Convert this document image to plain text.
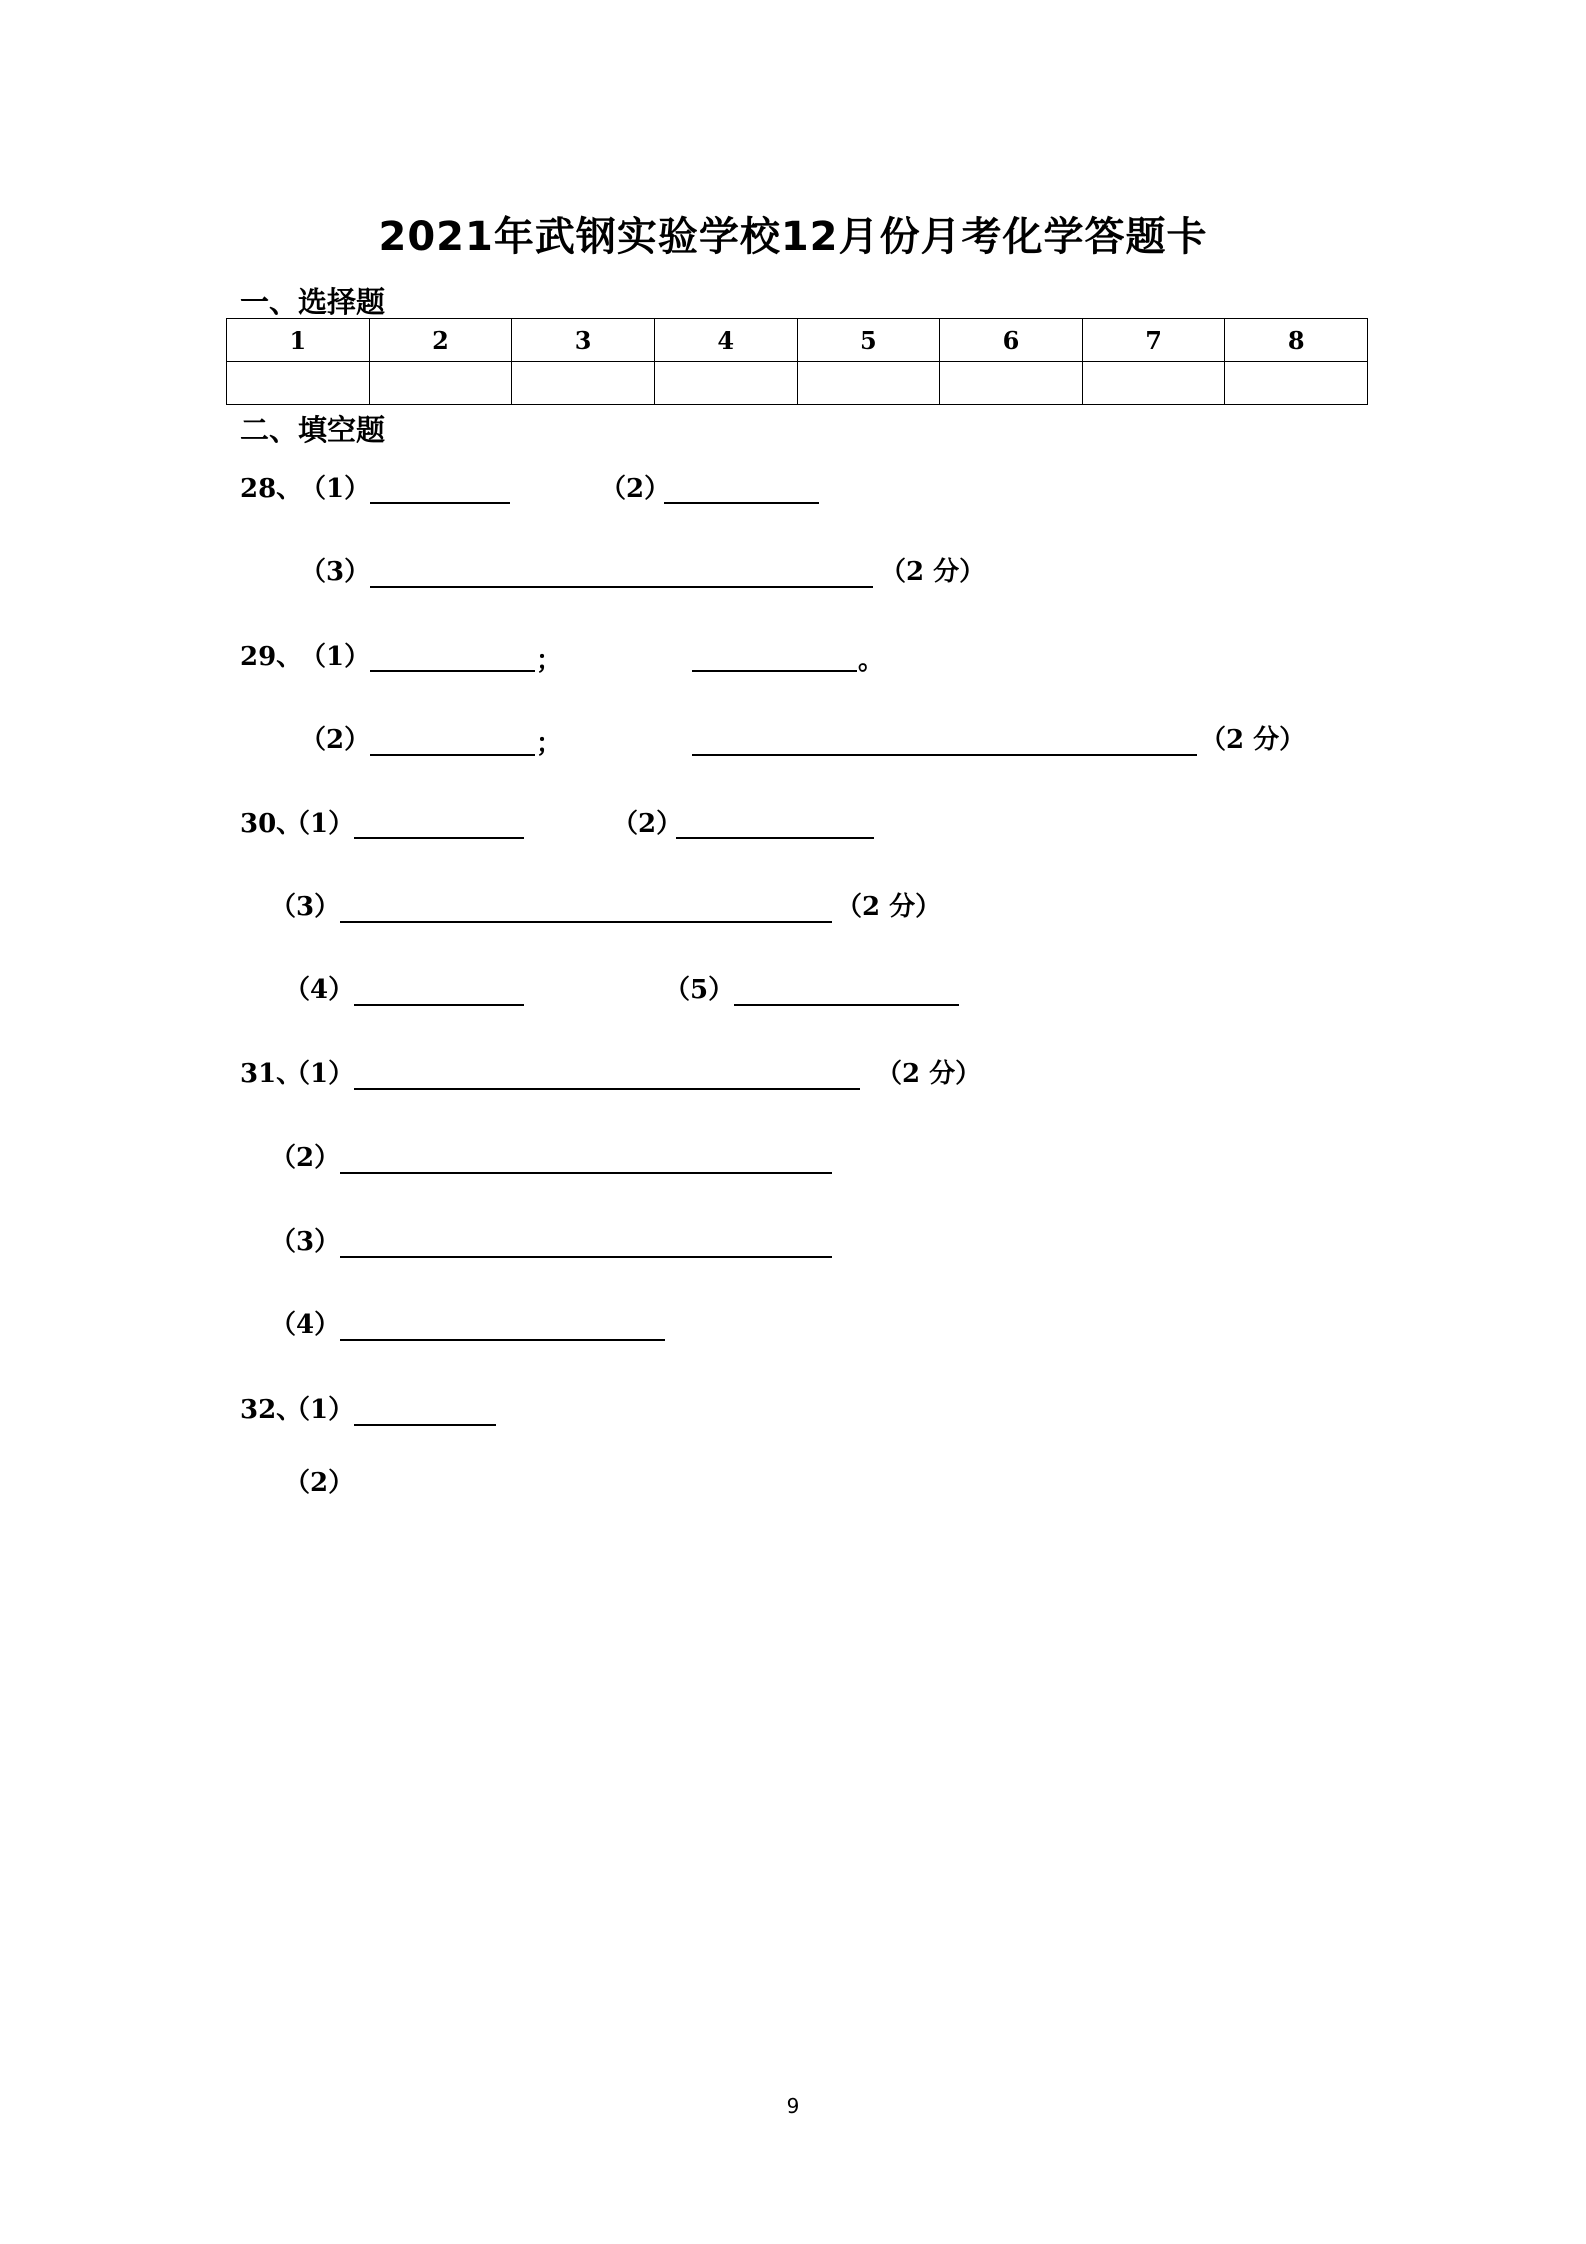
2021年武钢实验学校12月份月考化学答题卡
一、选择题
1	2	3	4	5	6	7	8

二、填空题
28、
（1）	（2）
（3）	（2 分）
29、
（1）	；	。
（2）	；	（2 分）
30、
（1）	（2）
（3）	（2 分）
（4）	（5）
31、
（1）	（2 分）
（2）
（3）
（4）
32、
（1）
（2）
9
